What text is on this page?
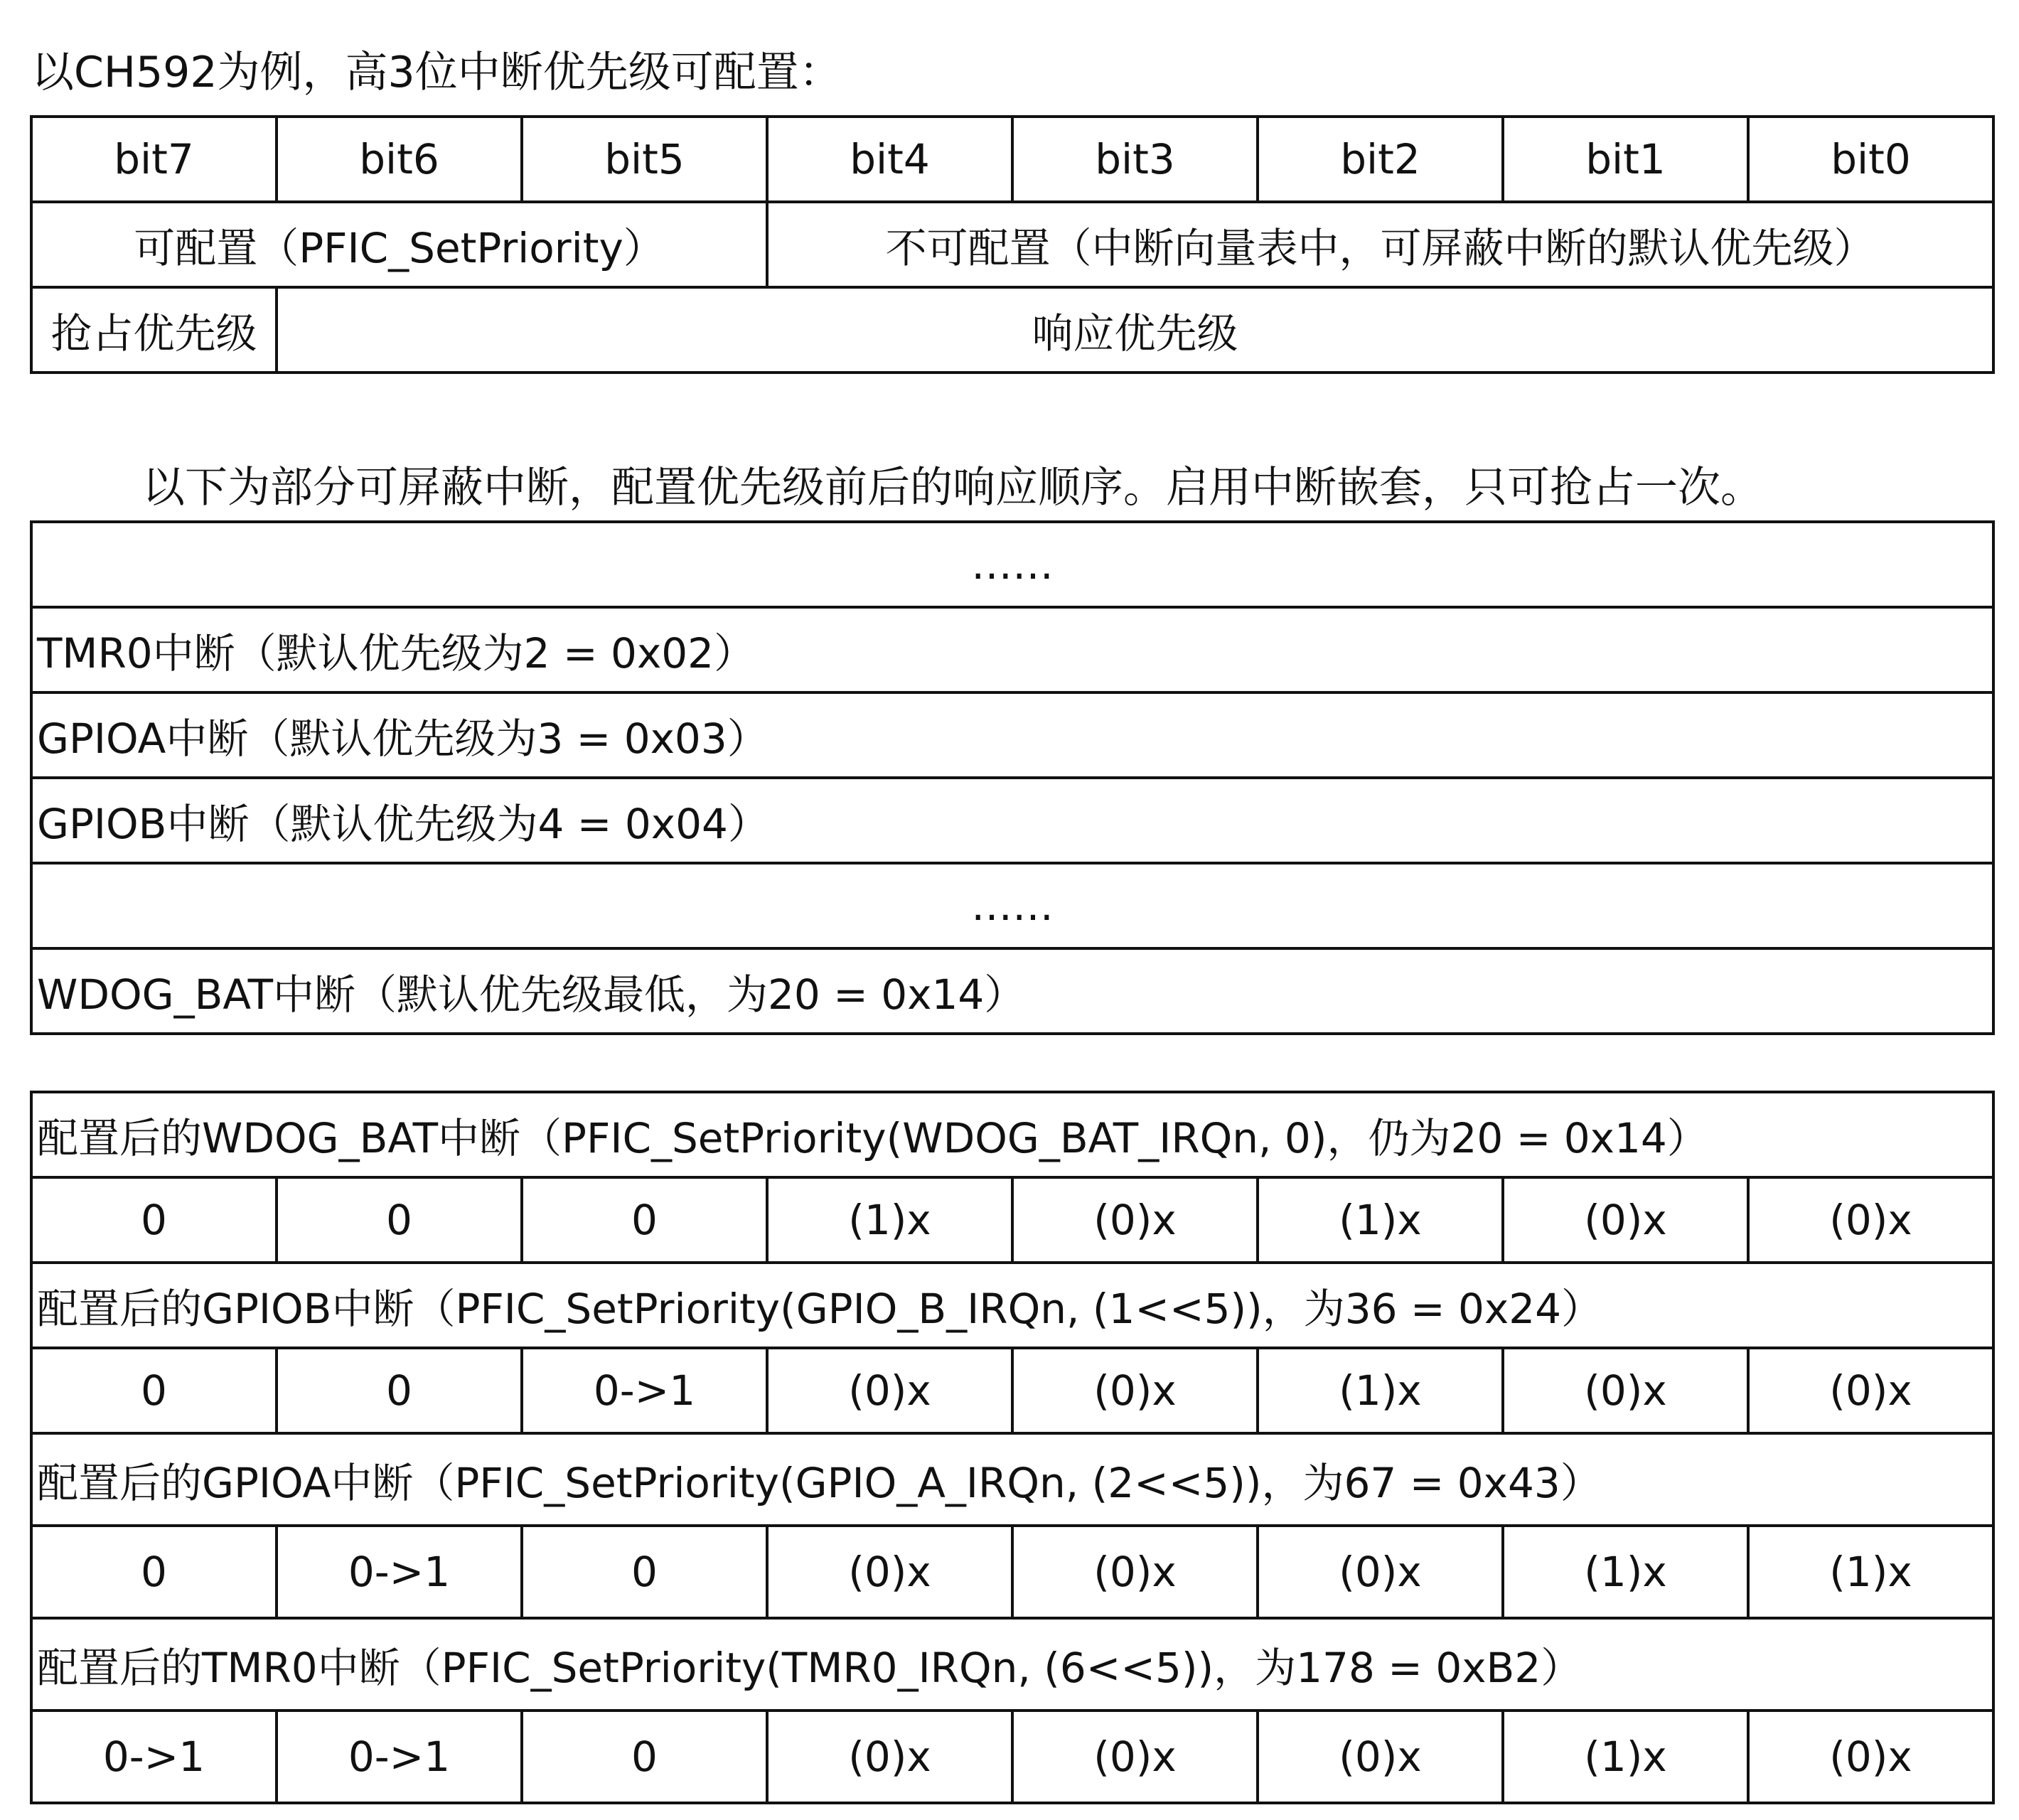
以CH592为例，高3位中断优先级可配置：
bit7	bit6	bit5	bit4	bit3	bit2	bit1	bit0
可配置（PFIC_SetPriority）			不可配置（中断向量表中，可屏蔽中断的默认优先级）				
抢占优先级	响应优先级						
以下为部分可屏蔽中断，配置优先级前后的响应顺序。启用中断嵌套，只可抢占一次。
……
TMR0中断（默认优先级为2 = 0x02）
GPIOA中断（默认优先级为3 = 0x03）
GPIOB中断（默认优先级为4 = 0x04）
……
WDOG_BAT中断（默认优先级最低，为20 = 0x14）
配置后的WDOG_BAT中断（PFIC_SetPriority(WDOG_BAT_IRQn, 0)，仍为20 = 0x14）							
0	0	0	(1)x	(0)x	(1)x	(0)x	(0)x
配置后的GPIOB中断（PFIC_SetPriority(GPIO_B_IRQn, (1<<5))，为36 = 0x24）							
0	0	0->1	(0)x	(0)x	(1)x	(0)x	(0)x
配置后的GPIOA中断（PFIC_SetPriority(GPIO_A_IRQn, (2<<5))，为67 = 0x43）							
0	0->1	0	(0)x	(0)x	(0)x	(1)x	(1)x
配置后的TMR0中断（PFIC_SetPriority(TMR0_IRQn, (6<<5))，为178 = 0xB2）							
0->1	0->1	0	(0)x	(0)x	(0)x	(1)x	(0)x
